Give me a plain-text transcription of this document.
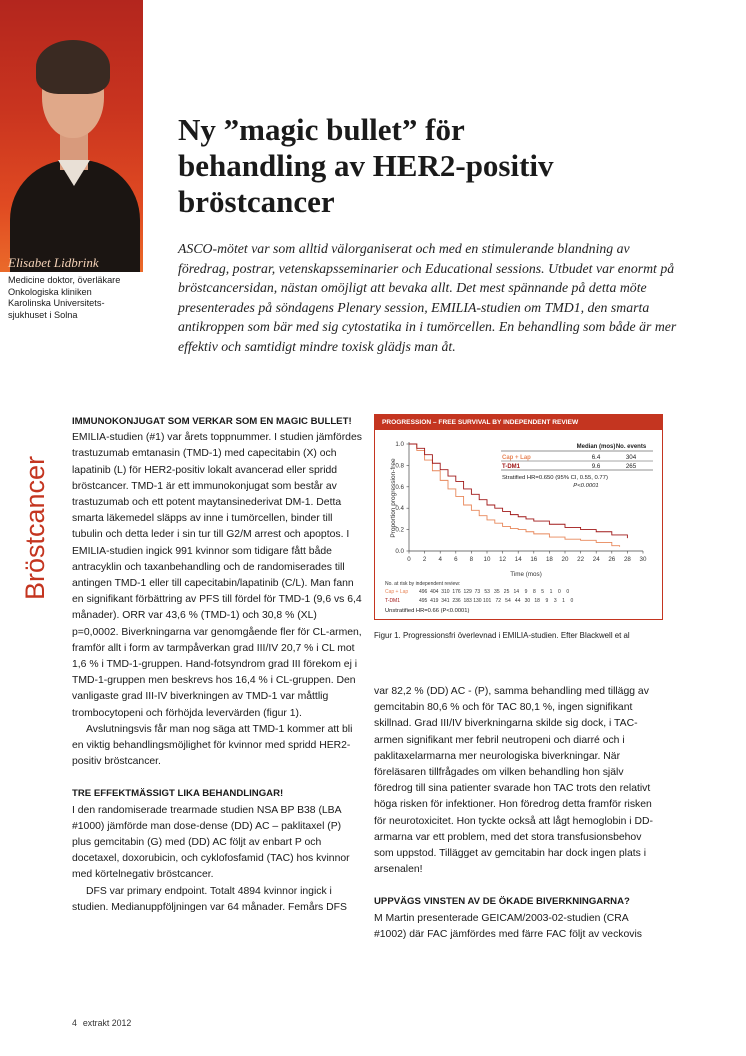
Elisabet Lidbrink
Medicine doktor, överläkare
Onkologiska kliniken
Karolinska Universitets-
sjukhuset i Solna
Ny ”magic bullet” för
behandling av HER2-positiv
bröstcancer
ASCO-mötet var som alltid välorganiserat och med en stimulerande blandning av föredrag, postrar, vetenskapsseminarier och Educational sessions. Utbudet var enormt på bröstcancersidan, nästan omöjligt att bevaka allt. Det mest spännande på detta möte presenterades på söndagens Plenary session, EMILIA-studien om TMD1, den smarta antikroppen som bär med sig cytostatika in i tumörcellen. En behandling som både är mer effektiv och samtidigt mindre toxisk glädjs man åt.
Bröstcancer
IMMUNOKONJUGAT SOM VERKAR SOM EN MAGIC BULLET!

EMILIA-studien (#1) var årets toppnummer. I studien jämfördes trastuzumab emtanasin (TMD-1) med capecitabin (X) och lapatinib (L) för HER2-positiv lokalt avancerad eller spridd bröstcancer. TMD-1 är ett immunokonjugat som består av trastuzumab och ett potent maytansinederivat DM-1. Detta smarta läkemedel släpps av inne i tumörcellen, binder till tubulin och detta leder i sin tur till G2/M arrest och apoptos. I EMILIA-studien ingick 991 kvinnor som tidigare fått både antracyklin och taxanbehandling och de randomiserades till antingen TMD-1 eller till capecitabin/lapatinib (C/L). Man fann en signifikant förbättring av PFS till fördel för TMD-1 (9,6 vs 6,4 månader). ORR var 43,6 % (TMD-1) och 30,8 % (XL) p=0,0002. Biverkningarna var genomgående fler för CL-armen, framför allt i form av tarmpåverkan grad III/IV 20,7 % i CL mot 1,6 % i TMD-1-gruppen. Hand-fotsyndrom grad III förekom ej i TMD-1-gruppen men beskrevs hos 16,4 % i CL-gruppen. Den vanligaste grad III-IV biverkningen av TMD-1 var måttlig trombocytopeni och förhöjda levervärden (figur 1).

Avslutningsvis får man nog säga att TMD-1 kommer att bli en viktig behandlingsmöjlighet för kvinnor med spridd HER2-positiv bröstcancer.

TRE EFFEKTMÄSSIGT LIKA BEHANDLINGAR!

I den randomiserade trearmade studien NSA BP B38 (LBA #1000) jämförde man dose-dense (DD) AC – paklitaxel (P) plus gemcitabin (G) med (DD) AC följt av enbart P och docetaxel, doxorubicin, och cyklofosfamid (TAC) hos kvinnor med körtelnegativ bröstcancer.

DFS var primary endpoint. Totalt 4894 kvinnor ingick i studien. Medianuppföljningen var 64 månader. Femårs DFS

PROGRESSION – FREE SURVIVAL BY INDEPENDENT REVIEW
Proportion progression-free
0.0
0.2
0.4
0.6
0.8
1.0
0 2 4 6 8 10 12 14 16 18 20 22 24 26 28 30
Time (mos)
Median (mos) No. events
Cap + Lap	6.4	304
T-DM1	9.6	265
Stratified HR=0.650 (95% CI, 0.55, 0.77)
P<0.0001
No. at risk by independent review:
Cap + Lap 496  404  310  176  129  73   53   35   25   14    9    8    5    1    0    0
T-DM1	495  419  341  236  183 130 101   72   54   44   30   18    9    3    1    0
Unstratified HR=0.66 (P<0.0001)
Figur 1. Progressionsfri överlevnad i EMILIA-studien. Efter Blackwell et al

var 82,2 % (DD) AC - (P), samma behandling med tillägg av gemcitabin 80,6 % och för TAC 80,1 %, ingen signifikant skillnad. Grad III/IV biverkningarna skilde sig dock, i TAC-armen signifikant mer febril neutropeni och diarré och i paklitaxelarmarna mer neurologiska biverkningar. När föreläsaren tillfrågades om vilken behandling hon själv föredrog till sina patienter svarade hon TAC trots den relativt höga risken för infektioner. Hon föredrog detta framför risken för neurotoxicitet. Hon tyckte också att lågt hemoglobin i DD-armarna var ett problem, med det stora transfusionsbehov som uppstod. Tillägget av gemcitabin har dock ingen plats i arsenalen!

UPPVÄGS VINSTEN AV DE ÖKADE BIVERKNINGARNA?

M Martin presenterade GEICAM/2003-02-studien (CRA #1002) där FAC jämfördes med färre FAC följt av veckovis

4 extrakt 2012
